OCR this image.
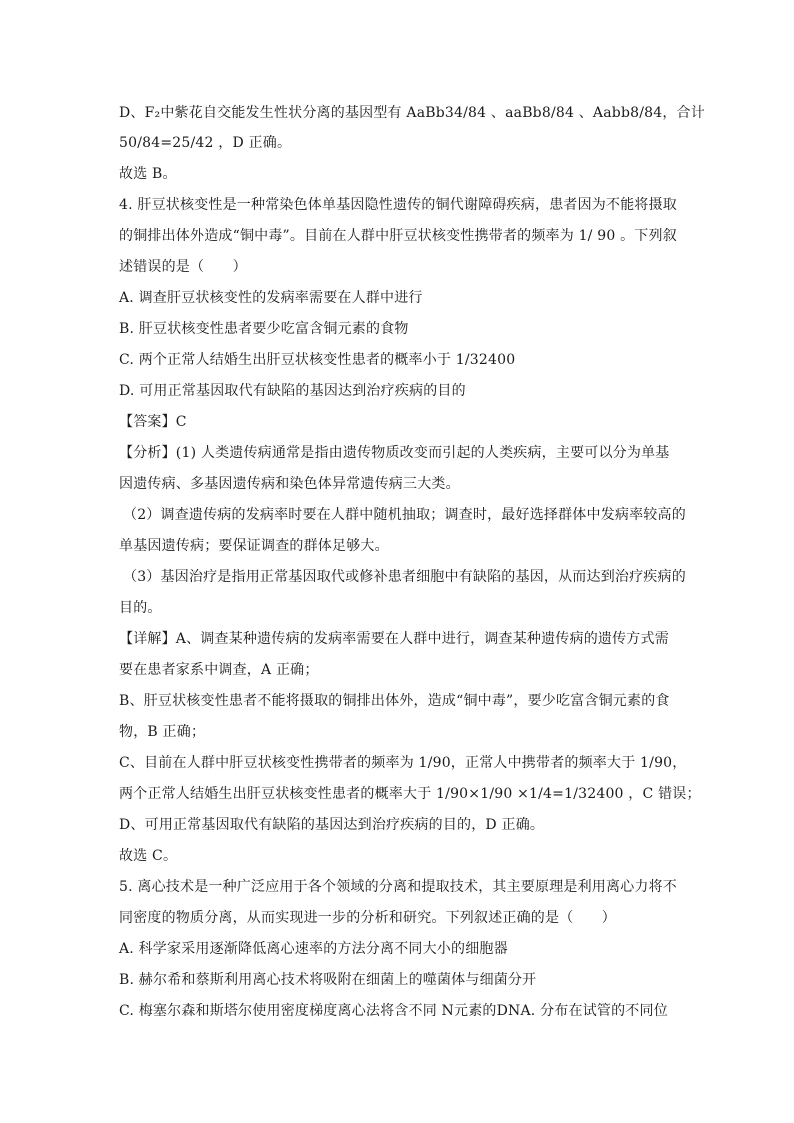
D、F₂中紫花自交能发生性状分离的基因型有 AaBb34/84 、aaBb8/84 、Aabb8/84，合计
50/84=25/42 ，D 正确。
故选 B。
4. 肝豆状核变性是一种常染色体单基因隐性遗传的铜代谢障碍疾病，患者因为不能将摄取
的铜排出体外造成“铜中毒”。目前在人群中肝豆状核变性携带者的频率为 1/ 90 。下列叙
述错误的是（　　）
A. 调查肝豆状核变性的发病率需要在人群中进行
B. 肝豆状核变性患者要少吃富含铜元素的食物
C. 两个正常人结婚生出肝豆状核变性患者的概率小于 1/32400
D. 可用正常基因取代有缺陷的基因达到治疗疾病的目的
【答案】C
【分析】(1) 人类遗传病通常是指由遗传物质改变而引起的人类疾病，主要可以分为单基
因遗传病、多基因遗传病和染色体异常遗传病三大类。
（2）调查遗传病的发病率时要在人群中随机抽取；调查时，最好选择群体中发病率较高的
单基因遗传病；要保证调查的群体足够大。
（3）基因治疗是指用正常基因取代或修补患者细胞中有缺陷的基因，从而达到治疗疾病的
目的。
【详解】A、调查某种遗传病的发病率需要在人群中进行，调查某种遗传病的遗传方式需
要在患者家系中调查，A 正确；
B、肝豆状核变性患者不能将摄取的铜排出体外，造成“铜中毒”，要少吃富含铜元素的食
物，B 正确；
C、目前在人群中肝豆状核变性携带者的频率为 1/90，正常人中携带者的频率大于 1/90，
两个正常人结婚生出肝豆状核变性患者的概率大于 1/90×1/90 ×1/4=1/32400 ，C 错误；
D、可用正常基因取代有缺陷的基因达到治疗疾病的目的，D 正确。
故选 C。
5. 离心技术是一种广泛应用于各个领域的分离和提取技术，其主要原理是利用离心力将不
同密度的物质分离，从而实现进一步的分析和研究。下列叙述正确的是（　　）
A. 科学家采用逐渐降低离心速率的方法分离不同大小的细胞器
B. 赫尔希和蔡斯利用离心技术将吸附在细菌上的噬菌体与细菌分开
C. 梅塞尔森和斯塔尔使用密度梯度离心法将含不同 N元素的DNA. 分布在试管的不同位
